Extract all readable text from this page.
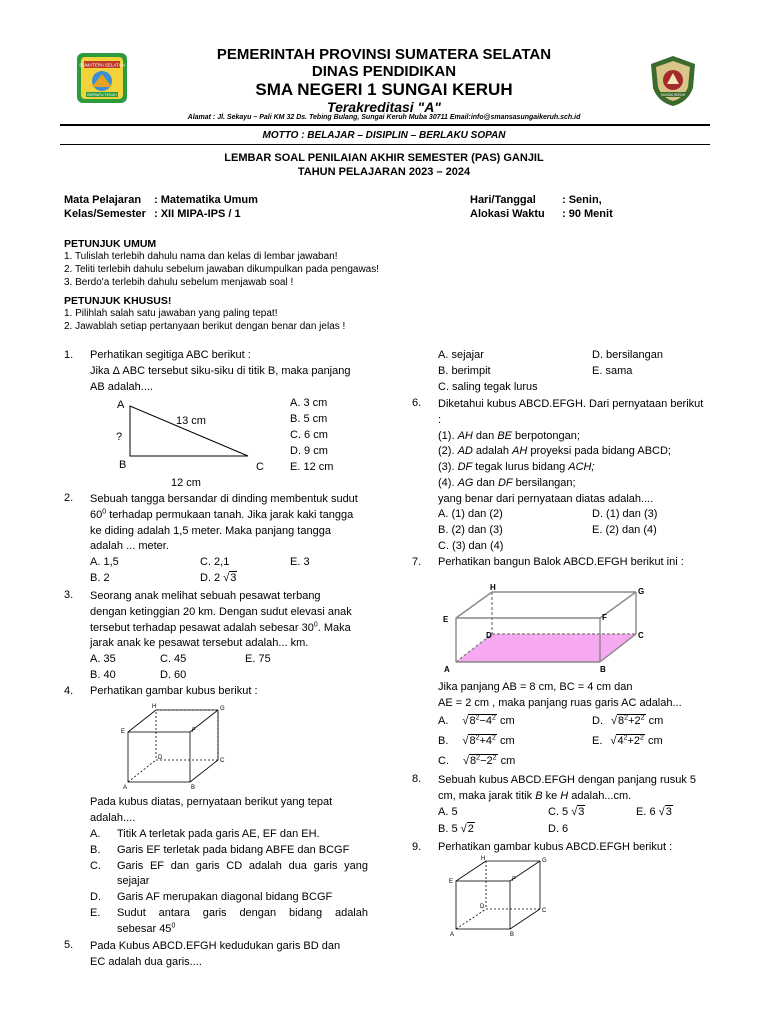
SUMATERA SELATAN
BERSATU TEGUH	SUNGAI KERUH
PEMERINTAH PROVINSI SUMATERA SELATAN
DINAS PENDIDIKAN
SMA NEGERI 1 SUNGAI KERUH
Terakreditasi "A"
Alamat : Jl. Sekayu – Pali KM 32 Ds. Tebing Bulang, Sungai Keruh Muba 30711 Email:info@smansasungaikeruh.sch.id
MOTTO : BELAJAR – DISIPLIN – BERLAKU SOPAN
LEMBAR SOAL PENILAIAN AKHIR SEMESTER (PAS) GANJIL
TAHUN PELAJARAN 2023 – 2024
Mata Pelajaran : Matematika Umum
Kelas/Semester : XII MIPA-IPS / 1
Hari/Tanggal : Senin,
Alokasi Waktu : 90 Menit
PETUNJUK UMUM
1. Tulislah terlebih dahulu nama dan kelas di lembar jawaban!
2. Teliti terlebih dahulu sebelum jawaban dikumpulkan pada pengawas!
3. Berdo'a terlebih dahulu sebelum menjawab soal !
PETUNJUK KHUSUS!
1. Pilihlah salah satu jawaban yang paling tepat!
2. Jawablah setiap pertanyaan berikut dengan benar dan jelas !
1. Perhatikan segitiga ABC berikut :
Jika Δ ABC tersebut siku-siku di titik B, maka panjang
AB adalah....
A
B	C
13 cm
?
12 cm
A. 3 cm
B. 5 cm
C. 6 cm
D. 9 cm
E. 12 cm
2. Sebuah tangga bersandar di dinding membentuk sudut
$60^0$ terhadap permukaan tanah. Jika jarak kaki tangga
ke diding adalah 1,5 meter. Maka panjang tangga
adalah ... meter.
A. 1,5	C. 2,1	E. 3
B. 2	D. 2 √3
3. Seorang anak melihat sebuah pesawat terbang
dengan ketinggian 20 km. Dengan sudut elevasi anak
tersebut terhadap pesawat adalah sebesar $30^0$. Maka
jarak anak ke pesawat tersebut adalah... km.
A. 35	C. 45	E. 75
B. 40	D. 60
4. Perhatikan gambar kubus berikut :
H	G
E	F
D	C
A	B
Pada kubus diatas, pernyataan berikut yang tepat
adalah....
A.	Titik A terletak pada garis AE, EF dan EH.
B.	Garis EF terletak pada bidang ABFE dan BCGF
C.	Garis EF dan garis CD adalah dua garis yang
sejajar
D.	Garis AF merupakan diagonal bidang BCGF
E.	Sudut antara garis dengan bidang adalah
sebesar $45^0$
5. Pada Kubus ABCD.EFGH kedudukan garis BD dan
EC adalah dua garis....
A. sejajar	D. bersilangan
B. berimpit	E. sama
C. saling tegak lurus
6. Diketahui kubus ABCD.EFGH. Dari pernyataan berikut
:
(1). AH dan BE berpotongan;
(2). AD adalah AH proyeksi pada bidang ABCD;
(3). DF tegak lurus bidang ACH;
(4). AG dan DF bersilangan;
yang benar dari pernyataan diatas adalah....
A. (1) dan (2)	D. (1) dan (3)
B. (2) dan (3)	E. (2) dan (4)
C. (3) dan (4)
7. Perhatikan bangun Balok ABCD.EFGH berikut ini :
H	G
E	F
D	C
A	B
Jika panjang AB = 8 cm, BC = 4 cm dan
AE = 2 cm , maka panjang ruas garis AC adalah...
A. $√8^2-4^2$ cm	D. $√8^2+2^2$ cm
B. $√8^2+4^2$ cm	E. $√4^2+2^2$ cm
C. $√8^2-2^2$ cm
8. Sebuah kubus ABCD.EFGH dengan panjang rusuk 5
cm, maka jarak titik B ke H adalah...cm.
A. 5	C. 5 √3	E. 6 √3
B. 5 √2	D. 6
9. Perhatikan gambar kubus ABCD.EFGH berikut :
H	G
E	F
D
C
A	B
